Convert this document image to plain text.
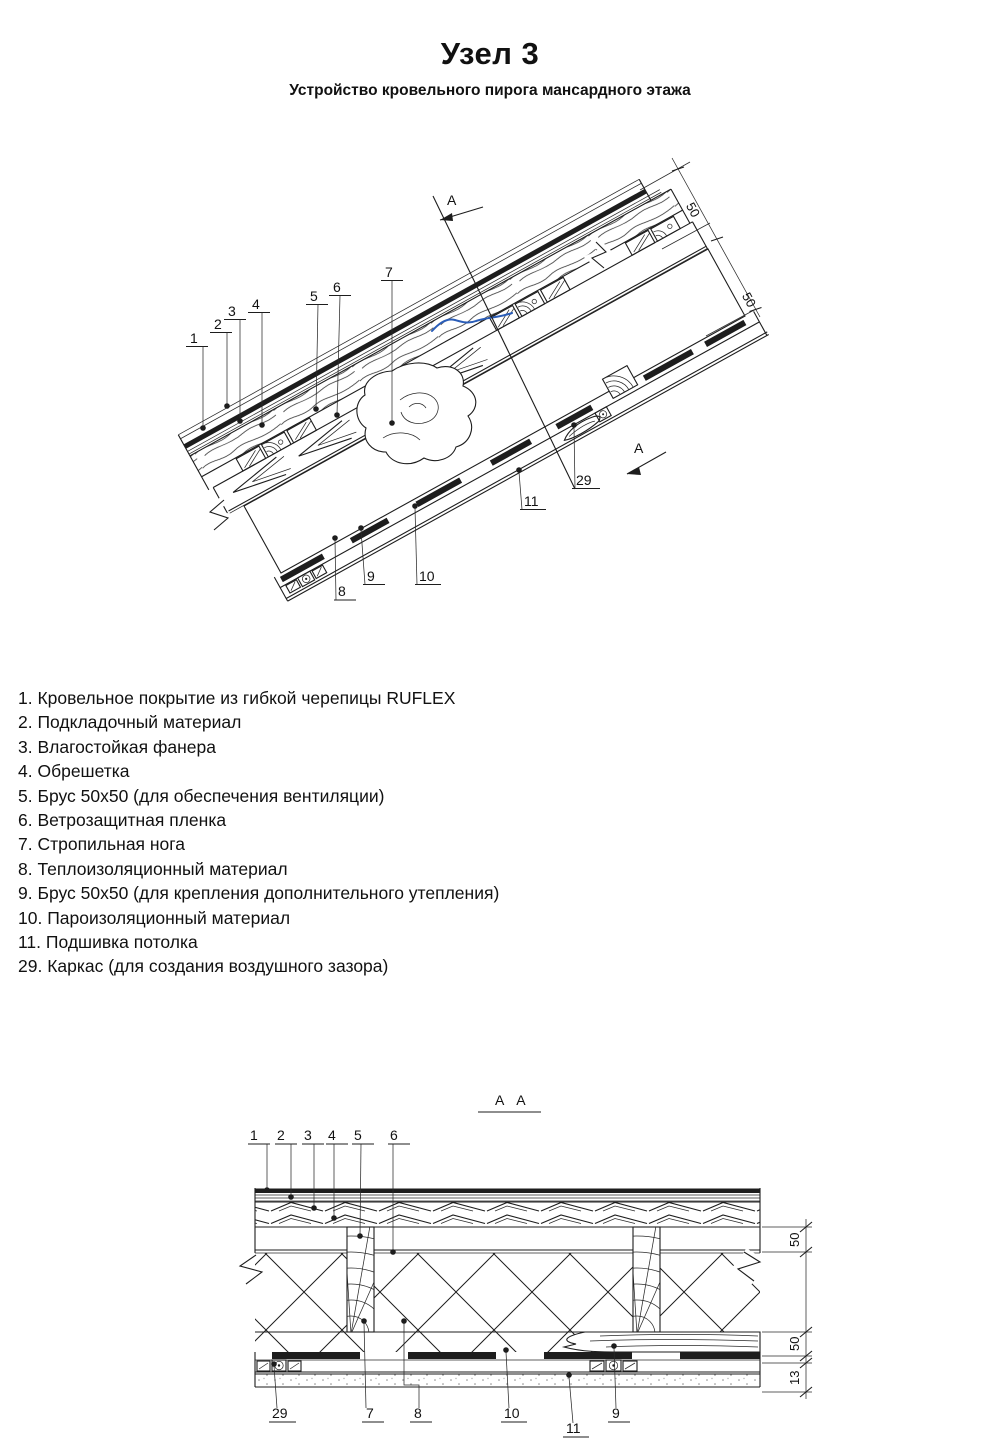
Узел 3
Устройство кровельного пирога мансардного этажа
1. Кровельное покрытие из гибкой черепицы RUFLEX
2. Подкладочный материал
3. Влагостойкая фанера
4. Обрешетка
5. Брус 50х50 (для обеспечения вентиляции)
6. Ветрозащитная пленка
7. Стропильная нога
8. Теплоизоляционный материал
9. Брус 50х50 (для крепления дополнительного утепления)
10. Пароизоляционный материал
11. Подшивка потолка
29. Каркас (для создания воздушного зазора)
А
А
50
50
1
2
3 4	5
6
7
8
9	10
11
29
А А
1 2 3 4 5 6
29	7	8	10
11
9
50
50
13
